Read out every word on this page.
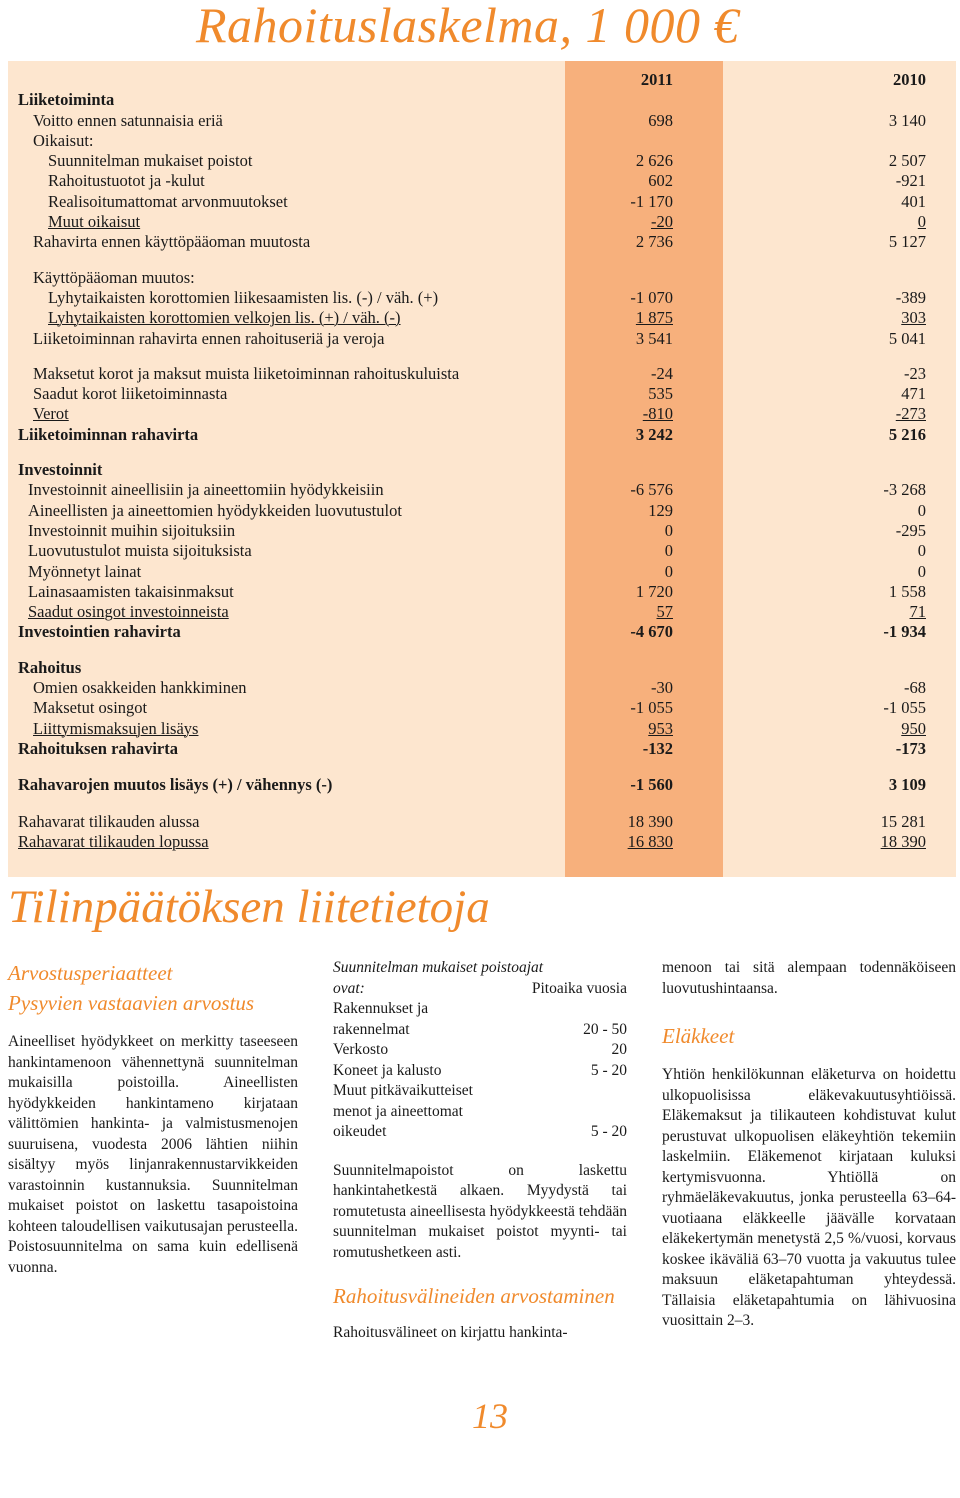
Rahoituslaskelma, 1 000 €
2011	2010
Liiketoiminta
Voitto ennen satunnaisia eriä	698	3 140
Oikaisut:
Suunnitelman mukaiset poistot	2 626	2 507
Rahoitustuotot ja -kulut	602	-921
Realisoitumattomat arvonmuutokset	-1 170	401
Muut oikaisut	-20	0
Rahavirta ennen käyttöpääoman muutosta	2 736	5 127
Käyttöpääoman muutos:
Lyhytaikaisten korottomien liikesaamisten lis. (-) / väh. (+)	-1 070	-389
Lyhytaikaisten korottomien velkojen lis. (+) / väh. (-)	1 875	303
Liiketoiminnan rahavirta ennen rahoituseriä ja veroja	3 541	5 041
Maksetut korot ja maksut muista liiketoiminnan rahoituskuluista	-24	-23
Saadut korot liiketoiminnasta	535	471
Verot	-810	-273
Liiketoiminnan rahavirta	3 242	5 216
Investoinnit
Investoinnit aineellisiin ja aineettomiin hyödykkeisiin	-6 576	-3 268
Aineellisten ja aineettomien hyödykkeiden luovutustulot	129	0
Investoinnit muihin sijoituksiin	0	-295
Luovutustulot muista sijoituksista	0	0
Myönnetyt lainat	0	0
Lainasaamisten takaisinmaksut	1 720	1 558
Saadut osingot investoinneista	57	71
Investointien rahavirta	-4 670	-1 934
Rahoitus
Omien osakkeiden hankkiminen	-30	-68
Maksetut osingot	-1 055	-1 055
Liittymismaksujen lisäys	953	950
Rahoituksen rahavirta	-132	-173
Rahavarojen muutos lisäys (+) / vähennys (-)	-1 560	3 109
Rahavarat tilikauden alussa	18 390	15 281
Rahavarat tilikauden lopussa	16 830	18 390
Tilinpäätöksen liitetietoja

Arvostusperiaatteet

Pysyvien vastaavien arvostus

Aineelliset hyödykkeet on merkitty taseeseen hankintamenoon vähennettynä suunnitelman mukaisilla poistoilla. Aineellisten hyödykkeiden hankintameno kirjataan välittömien hankinta- ja valmistusmenojen suuruisena, vuodesta 2006 lähtien niihin sisältyy myös linjanrakennustarvikkeiden varastoinnin kustannuksia. Suunnitelman mukaiset poistot on laskettu tasapoistoina kohteen taloudellisen vaikutusajan perusteella. Poistosuunnitelma on sama kuin edellisenä vuonna.

Suunnitelman mukaiset poistoajat

ovat:	Pitoaika vuosia
Rakennukset ja	
rakennelmat	20 - 50
Verkosto	20
Koneet ja kalusto	5 - 20
Muut pitkävaikutteiset	
menot ja aineettomat	
oikeudet	5 - 20

Suunnitelmapoistot on laskettu hankintahetkestä alkaen. Myydystä tai romutetusta aineellisesta hyödykkeestä tehdään suunnitelman mukaiset poistot myynti- tai romutushetkeen asti.

Rahoitusvälineiden arvostaminen

Rahoitusvälineet on kirjattu hankinta-

menoon tai sitä alempaan todennäköiseen luovutushintaansa.

Eläkkeet

Yhtiön henkilökunnan eläketurva on hoidettu ulkopuolisissa eläkevakuutusyhtiöissä. Eläkemaksut ja tilikauteen kohdistuvat kulut perustuvat ulkopuolisen eläkeyhtiön tekemiin laskelmiin. Eläkemenot kirjataan kuluksi kertymisvuonna. Yhtiöllä on ryhmäeläkevakuutus, jonka perusteella 63–64-vuotiaana eläkkeelle jäävälle korvataan eläkekertymän menetystä 2,5 %/vuosi, korvaus koskee ikäväliä 63–70 vuotta ja vakuutus tulee maksuun eläketapahtuman yhteydessä. Tällaisia eläketapahtumia on lähivuosina vuosittain 2–3.

13
